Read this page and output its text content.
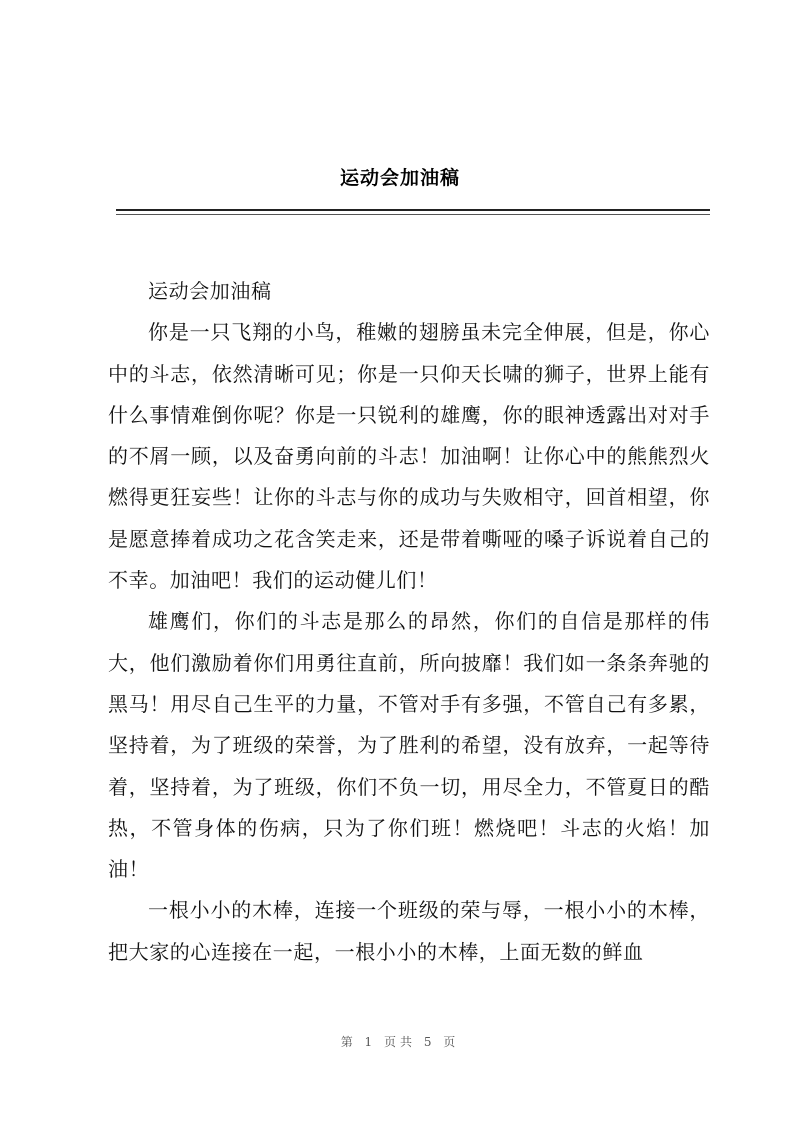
运动会加油稿

运动会加油稿

你是一只飞翔的小鸟，稚嫩的翅膀虽未完全伸展，但是，你心中的斗志，依然清晰可见；你是一只仰天长啸的狮子，世界上能有什么事情难倒你呢？你是一只锐利的雄鹰，你的眼神透露出对对手的不屑一顾，以及奋勇向前的斗志！加油啊！让你心中的熊熊烈火燃得更狂妄些！让你的斗志与你的成功与失败相守，回首相望，你是愿意捧着成功之花含笑走来，还是带着嘶哑的嗓子诉说着自己的不幸。加油吧！我们的运动健儿们！

雄鹰们，你们的斗志是那么的昂然，你们的自信是那样的伟大，他们激励着你们用勇往直前，所向披靡！我们如一条条奔驰的黑马！用尽自己生平的力量，不管对手有多强，不管自己有多累，坚持着，为了班级的荣誉，为了胜利的希望，没有放弃，一起等待着，坚持着，为了班级，你们不负一切，用尽全力，不管夏日的酷热，不管身体的伤病，只为了你们班！燃烧吧！斗志的火焰！加油！

一根小小的木棒，连接一个班级的荣与辱，一根小小的木棒，把大家的心连接在一起，一根小小的木棒，上面无数的鲜血

第 1 页共 5 页
